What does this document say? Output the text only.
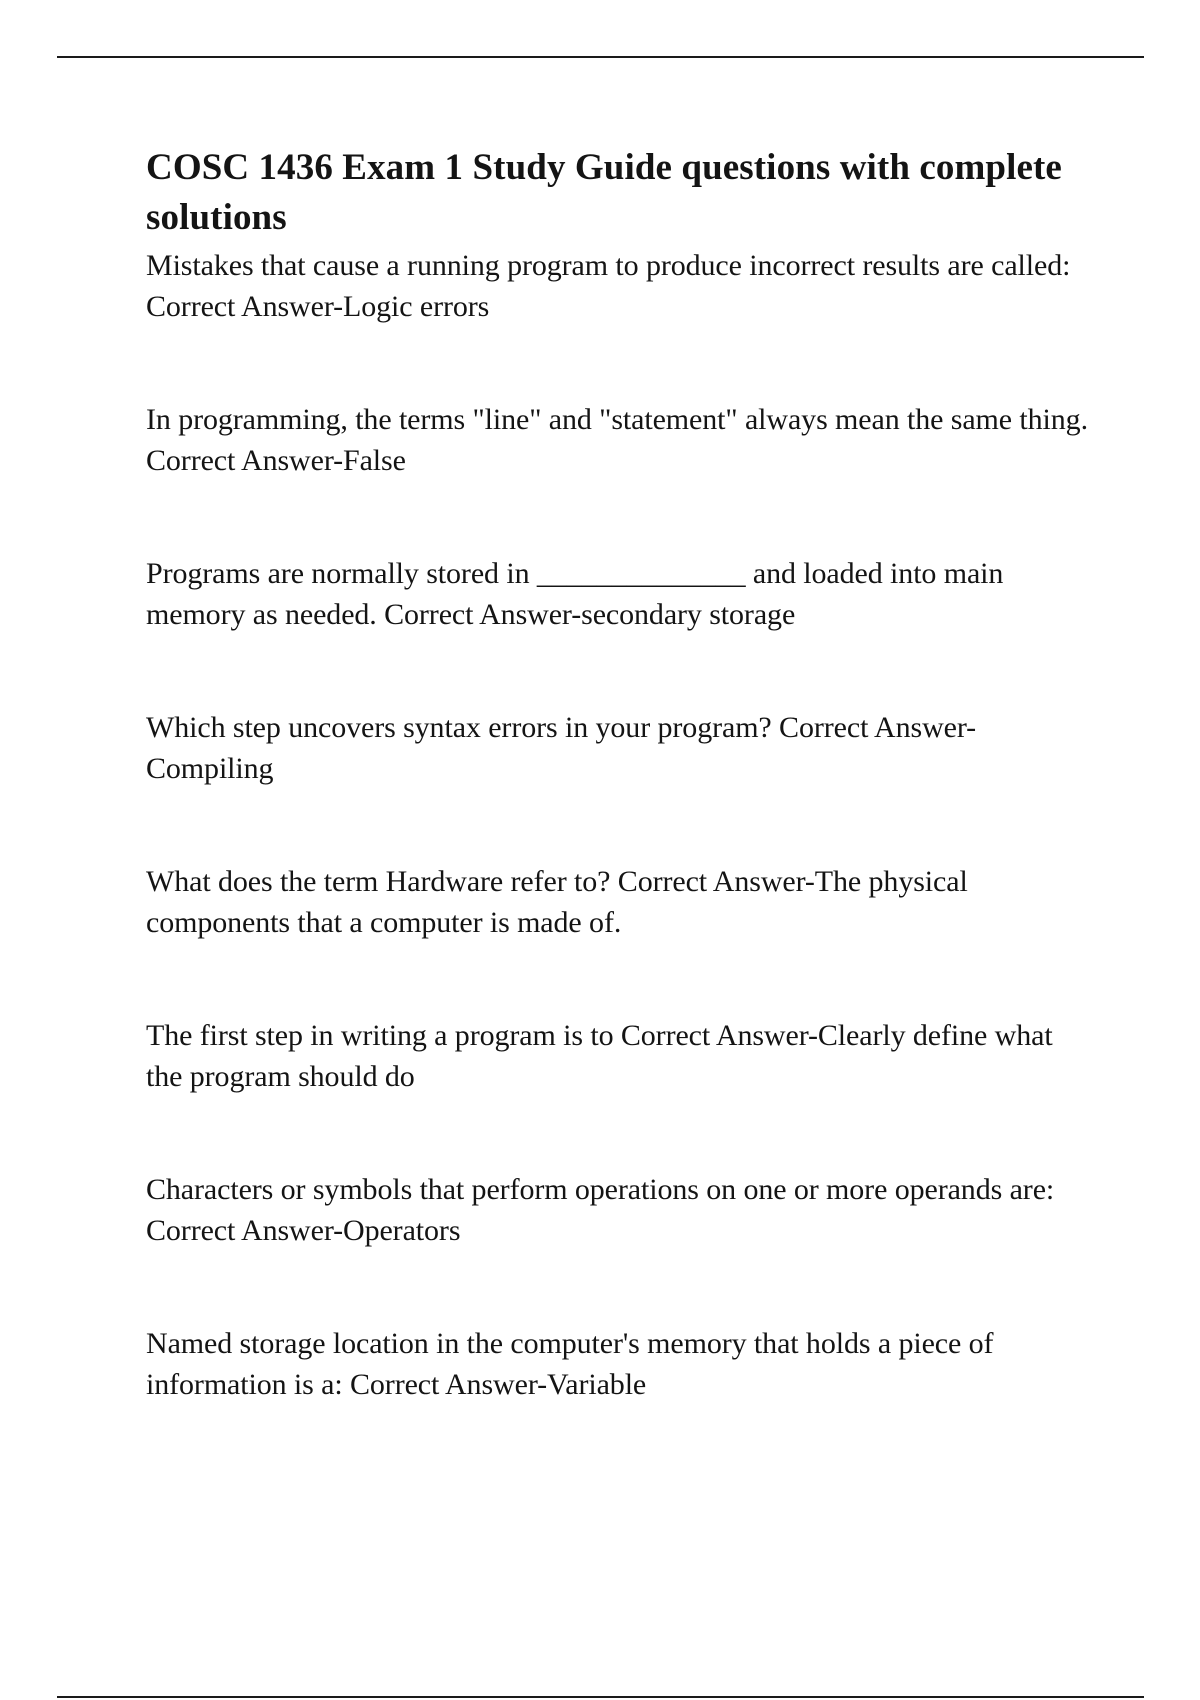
COSC 1436 Exam 1 Study Guide questions with complete solutions
Mistakes that cause a running program to produce incorrect results are called: Correct Answer-Logic errors
In programming, the terms "line" and "statement" always mean the same thing. Correct Answer-False
Programs are normally stored in ______________ and loaded into main memory as needed. Correct Answer-secondary storage
Which step uncovers syntax errors in your program? Correct Answer-Compiling
What does the term Hardware refer to? Correct Answer-The physical components that a computer is made of.
The first step in writing a program is to Correct Answer-Clearly define what the program should do
Characters or symbols that perform operations on one or more operands are: Correct Answer-Operators
Named storage location in the computer's memory that holds a piece of information is a: Correct Answer-Variable
